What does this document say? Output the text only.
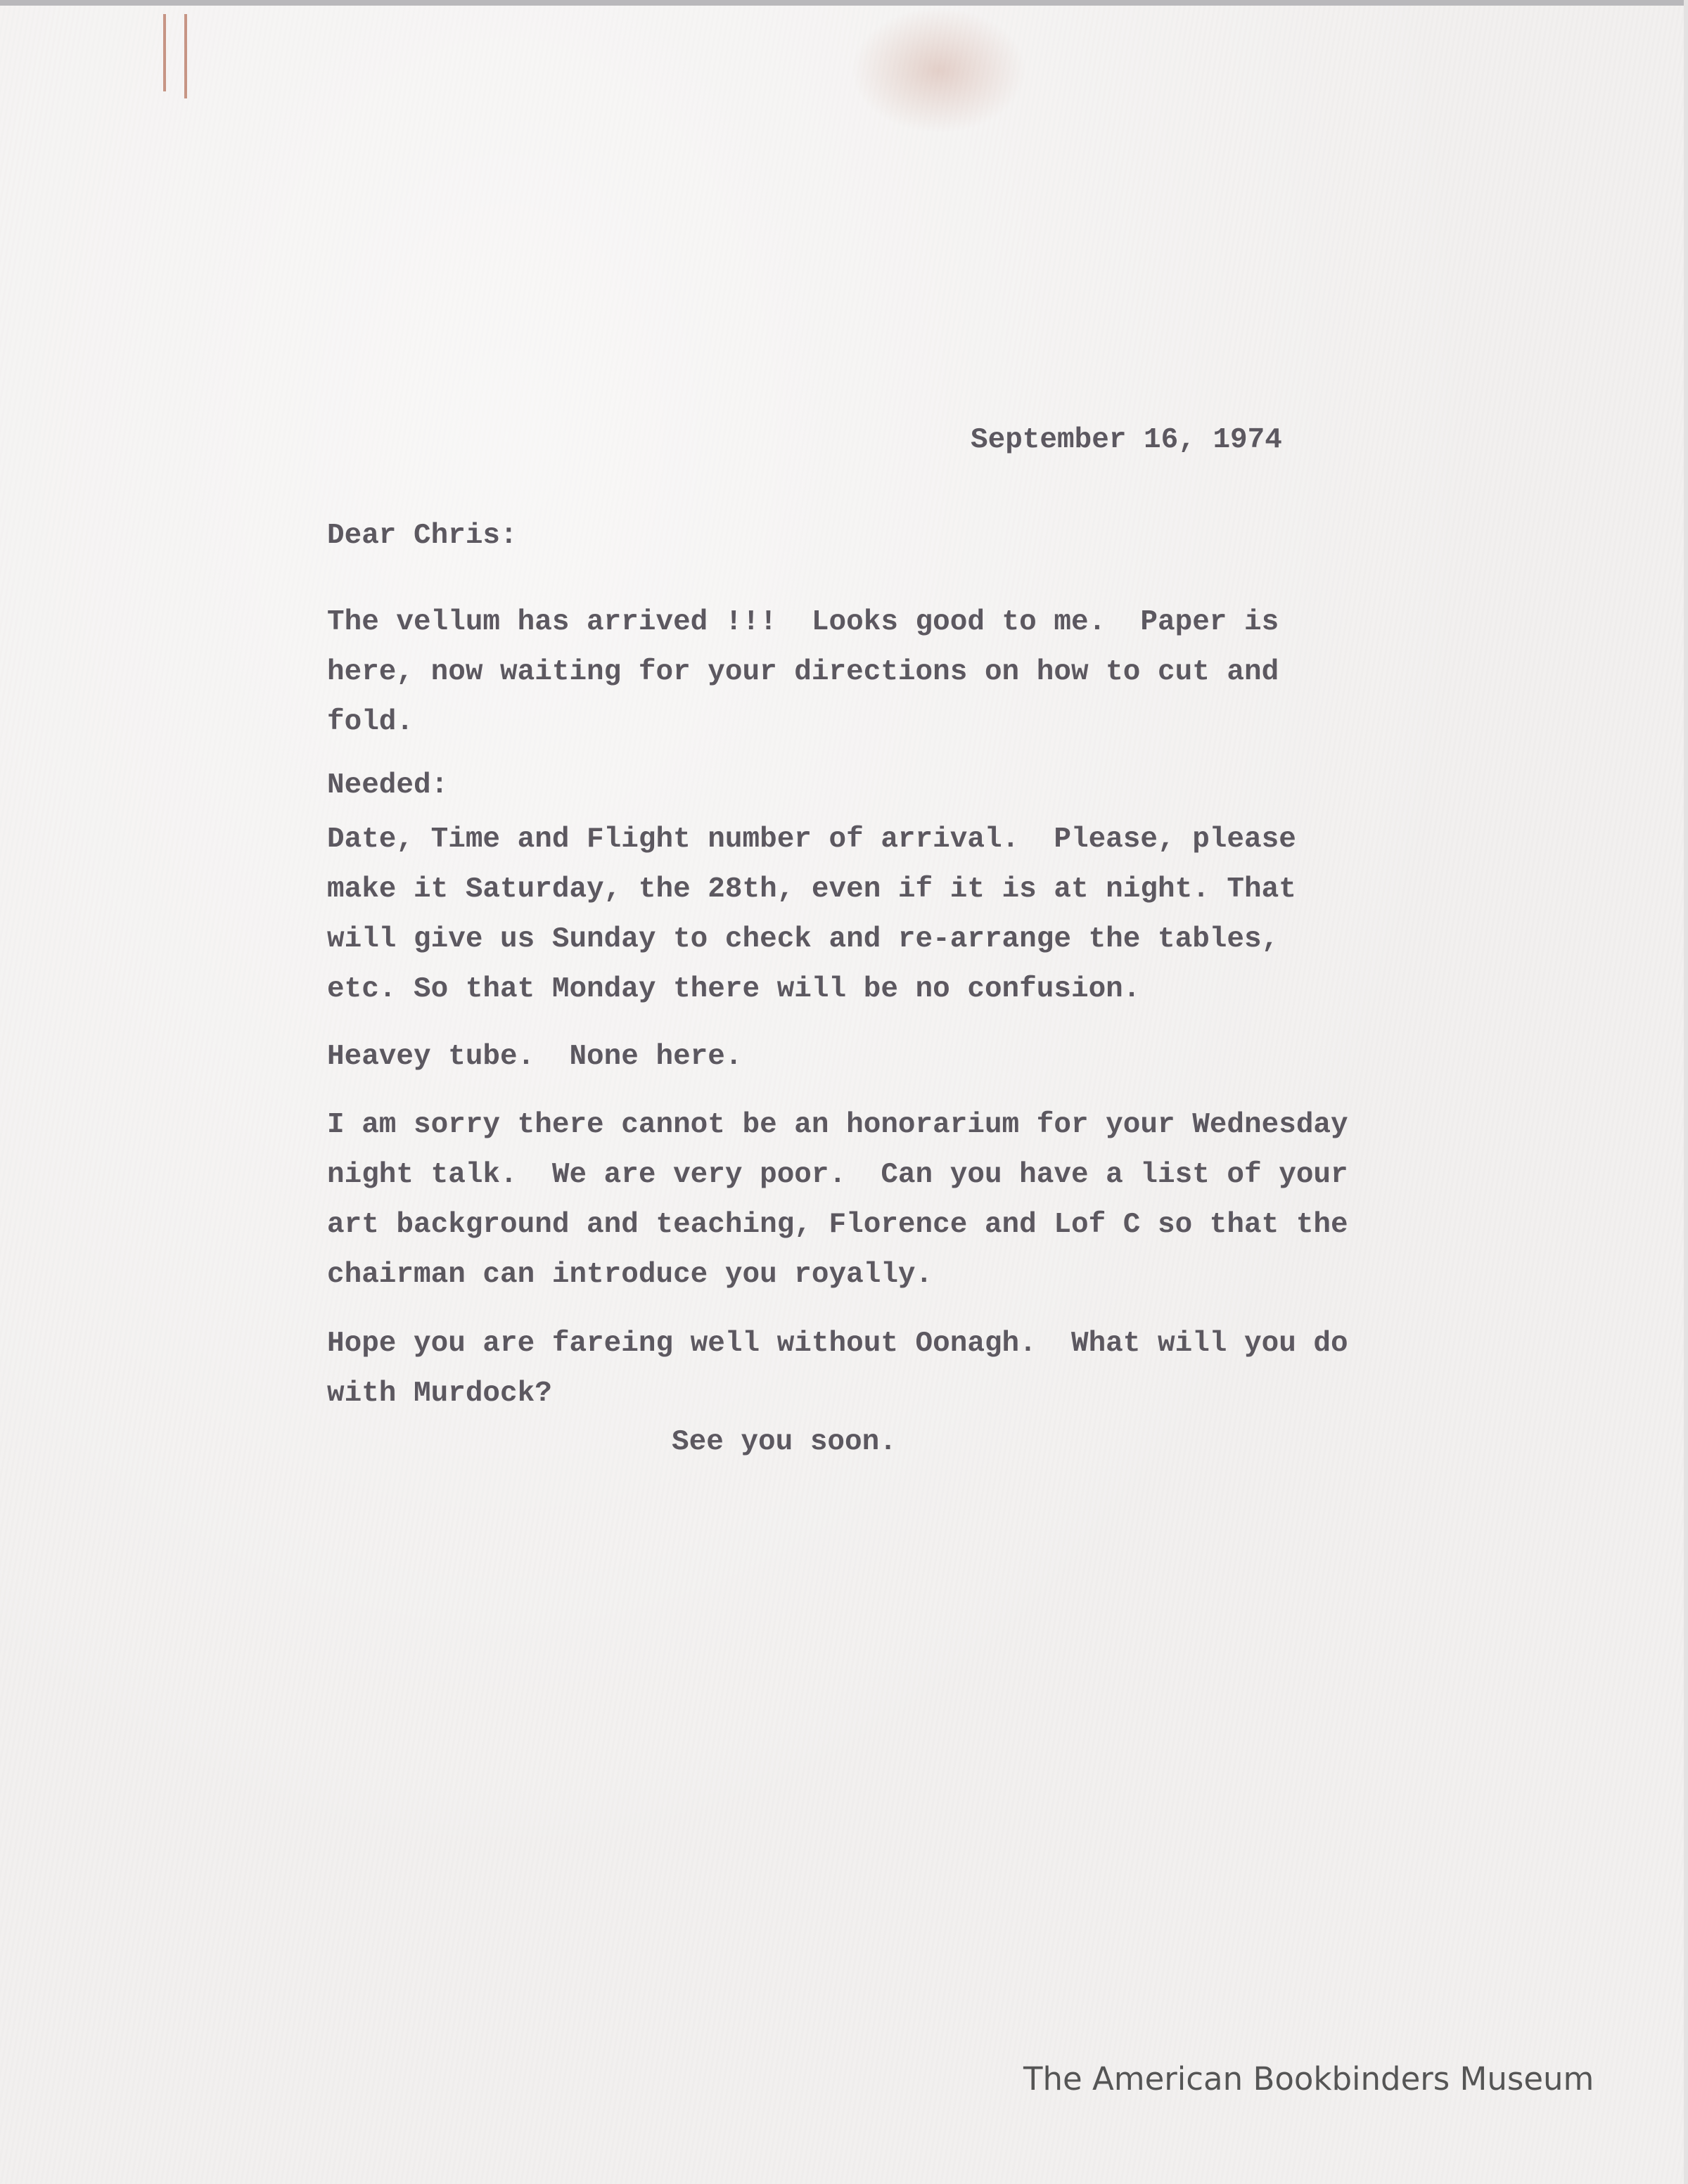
September 16, 1974
Dear Chris:
The vellum has arrived !!!  Looks good to me.  Paper is
here, now waiting for your directions on how to cut and
fold.
Needed:
Date, Time and Flight number of arrival.  Please, please
make it Saturday, the 28th, even if it is at night. That
will give us Sunday to check and re-arrange the tables,
etc. So that Monday there will be no confusion.
Heavey tube.  None here.
I am sorry there cannot be an honorarium for your Wednesday
night talk.  We are very poor.  Can you have a list of your
art background and teaching, Florence and Lof C so that the
chairman can introduce you royally.
Hope you are fareing well without Oonagh.  What will you do
with Murdock?
See you soon.
The American Bookbinders Museum
